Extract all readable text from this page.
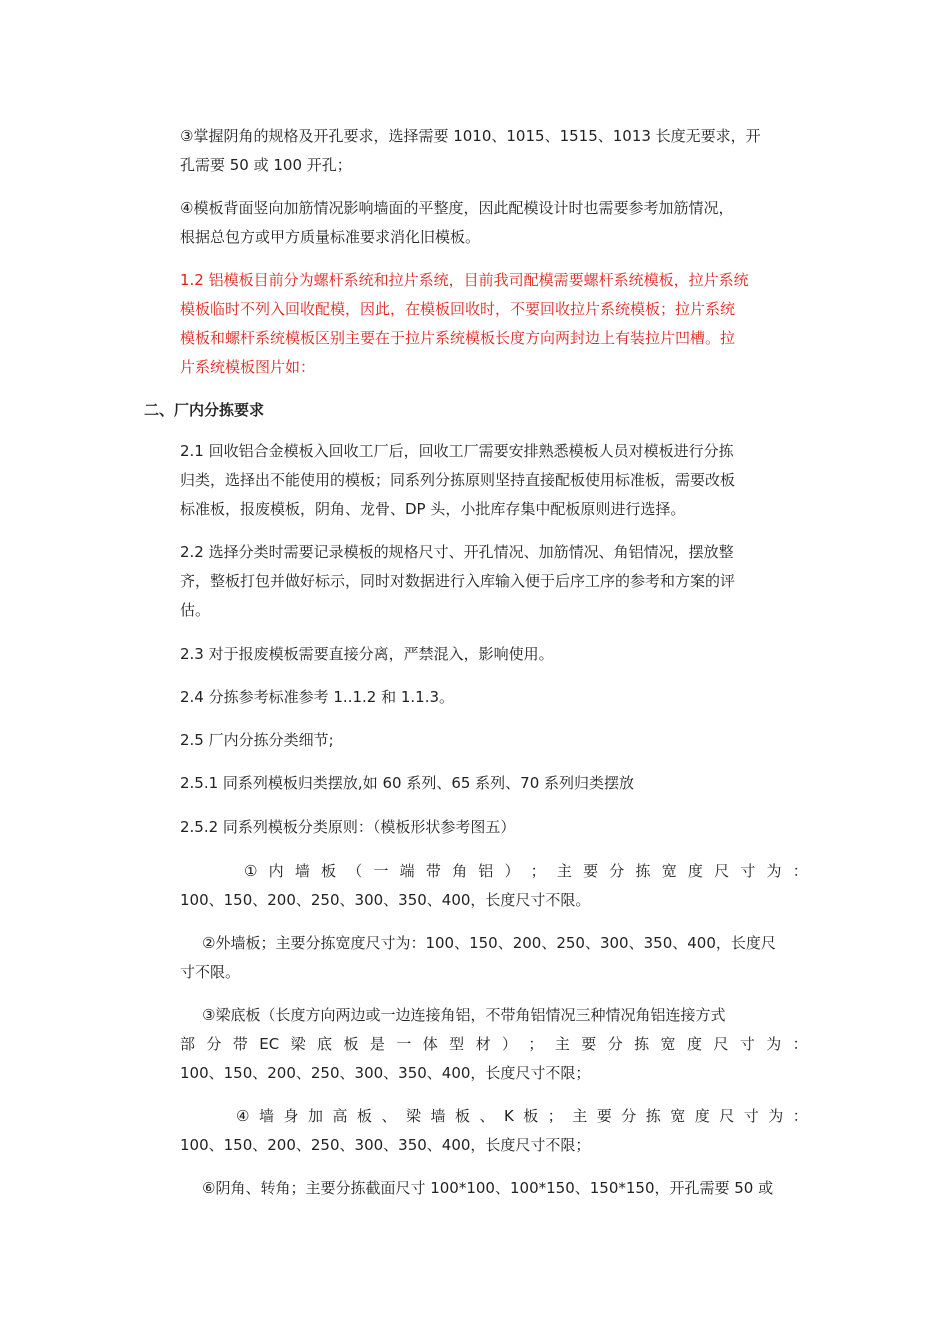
③掌握阴角的规格及开孔要求，选择需要 1010、1015、1515、1013 长度无要求，开
孔需要 50 或 100 开孔；

④模板背面竖向加筋情况影响墙面的平整度，因此配模设计时也需要参考加筋情况，
根据总包方或甲方质量标准要求消化旧模板。

1.2 铝模板目前分为螺杆系统和拉片系统，目前我司配模需要螺杆系统模板，拉片系统
模板临时不列入回收配模，因此，在模板回收时，不要回收拉片系统模板；拉片系统
模板和螺杆系统模板区别主要在于拉片系统模板长度方向两封边上有装拉片凹槽。拉
片系统模板图片如：

二、厂内分拣要求

2.1 回收铝合金模板入回收工厂后，回收工厂需要安排熟悉模板人员对模板进行分拣
归类，选择出不能使用的模板；同系列分拣原则坚持直接配板使用标准板，需要改板
标准板，报废模板，阴角、龙骨、DP 头，小批库存集中配板原则进行选择。

2.2 选择分类时需要记录模板的规格尺寸、开孔情况、加筋情况、角铝情况，摆放整
齐，整板打包并做好标示，同时对数据进行入库输入便于后序工序的参考和方案的评
估。

2.3 对于报废模板需要直接分离，严禁混入，影响使用。

2.4 分拣参考标准参考 1..1.2 和 1.1.3。

2.5 厂内分拣分类细节;

2.5.1 同系列模板归类摆放,如 60 系列、65 系列、70 系列归类摆放

2.5.2 同系列模板分类原则：（模板形状参考图五）

① 内 墙 板 （ 一 端 带 角 铝 ） ； 主 要 分 拣 宽 度 尺 寸 为 ：
100、150、200、250、300、350、400，长度尺寸不限。

②外墙板；主要分拣宽度尺寸为：100、150、200、250、300、350、400，长度尺
寸不限。

③梁底板（长度方向两边或一边连接角铝，不带角铝情况三种情况角铝连接方式
部 分 带 EC 梁 底 板 是 一 体 型 材 ） ； 主 要 分 拣 宽 度 尺 寸 为 ：
100、150、200、250、300、350、400，长度尺寸不限；

④ 墙 身 加 高 板 、 梁 墙 板 、 K 板 ； 主 要 分 拣 宽 度 尺 寸 为 ：
100、150、200、250、300、350、400，长度尺寸不限；

⑥阴角、转角；主要分拣截面尺寸 100*100、100*150、150*150，开孔需要 50 或
